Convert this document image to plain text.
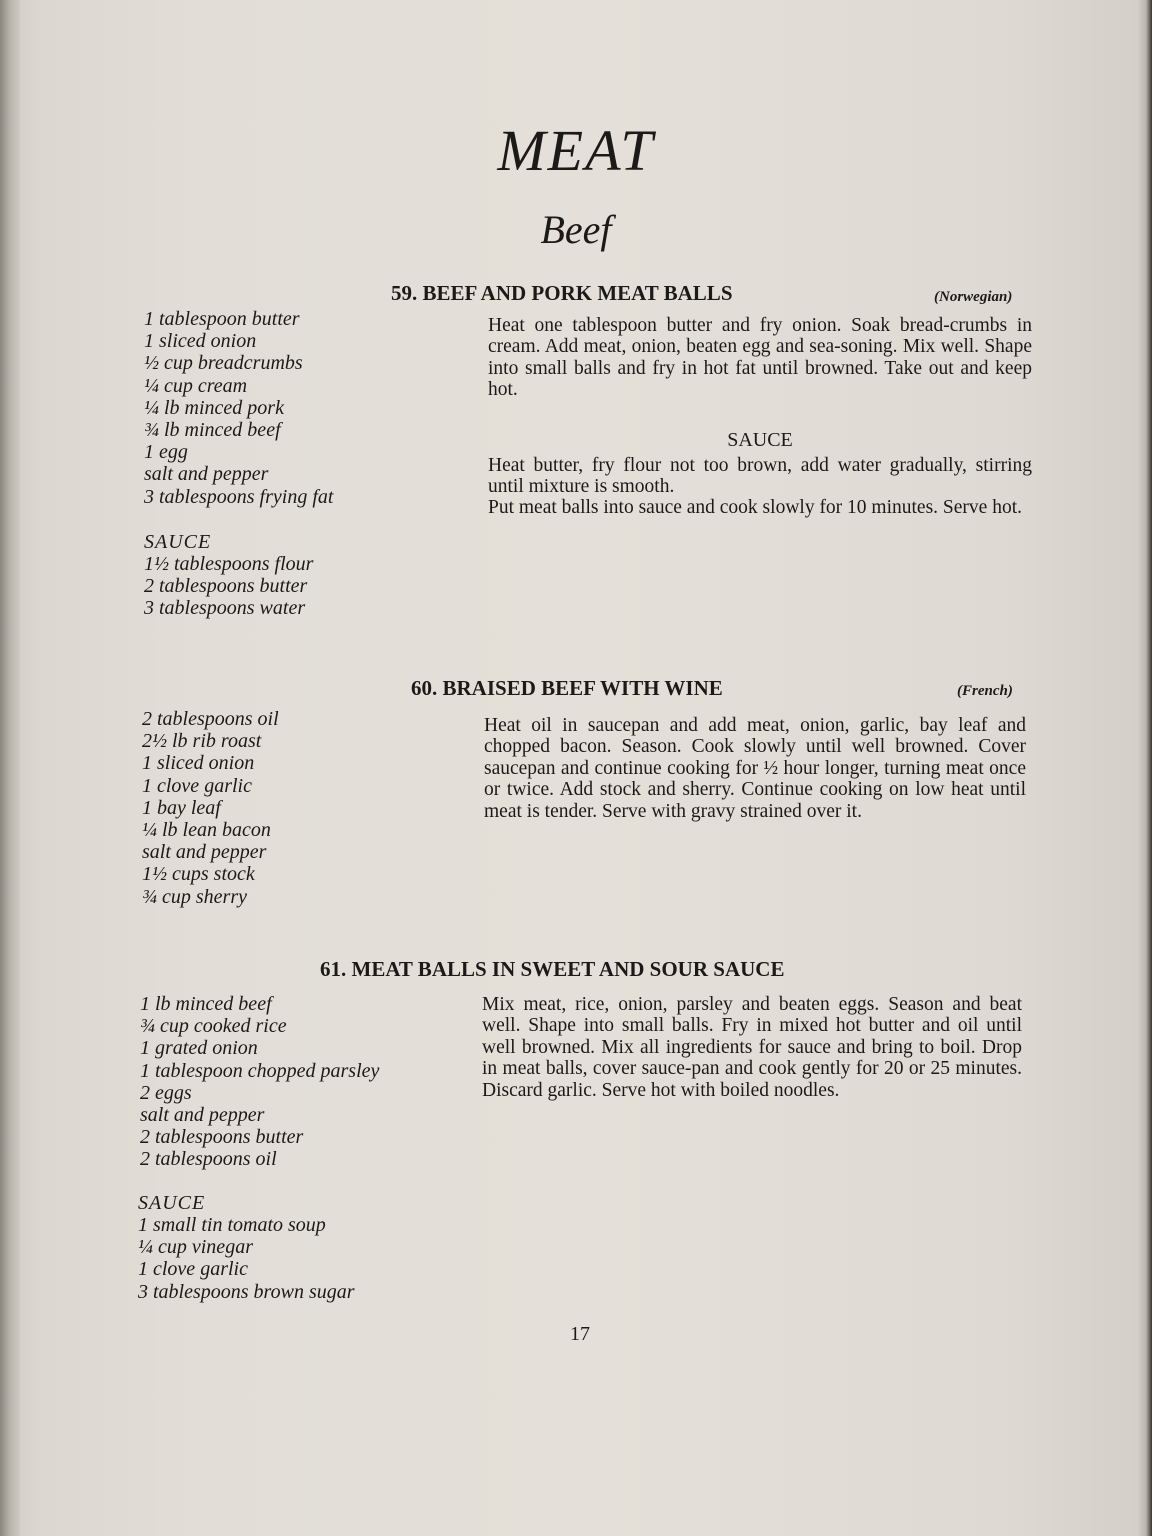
MEAT
Beef
59. BEEF AND PORK MEAT BALLS	(Norwegian)
1 tablespoon butter
1 sliced onion
½ cup breadcrumbs
¼ cup cream
¼ lb minced pork
¾ lb minced beef
1 egg
salt and pepper
3 tablespoons frying fat
SAUCE
1½ tablespoons flour
2 tablespoons butter
3 tablespoons water

Heat one tablespoon butter and fry onion. Soak bread-crumbs in cream. Add meat, onion, beaten egg and sea-soning. Mix well. Shape into small balls and fry in hot fat until browned. Take out and keep hot.

SAUCE

Heat butter, fry flour not too brown, add water gradually, stirring until mixture is smooth.

Put meat balls into sauce and cook slowly for 10 minutes. Serve hot.

60. BRAISED BEEF WITH WINE	(French)
2 tablespoons oil
2½ lb rib roast
1 sliced onion
1 clove garlic
1 bay leaf
¼ lb lean bacon
salt and pepper
1½ cups stock
¾ cup sherry

Heat oil in saucepan and add meat, onion, garlic, bay leaf and chopped bacon. Season. Cook slowly until well browned. Cover saucepan and continue cooking for ½ hour longer, turning meat once or twice. Add stock and sherry. Continue cooking on low heat until meat is tender. Serve with gravy strained over it.

61. MEAT BALLS IN SWEET AND SOUR SAUCE
1 lb minced beef
¾ cup cooked rice
1 grated onion
1 tablespoon chopped parsley
2 eggs
salt and pepper
2 tablespoons butter
2 tablespoons oil
SAUCE
1 small tin tomato soup
¼ cup vinegar
1 clove garlic
3 tablespoons brown sugar

Mix meat, rice, onion, parsley and beaten eggs. Season and beat well. Shape into small balls. Fry in mixed hot butter and oil until well browned. Mix all ingredients for sauce and bring to boil. Drop in meat balls, cover sauce-pan and cook gently for 20 or 25 minutes. Discard garlic. Serve hot with boiled noodles.

17
